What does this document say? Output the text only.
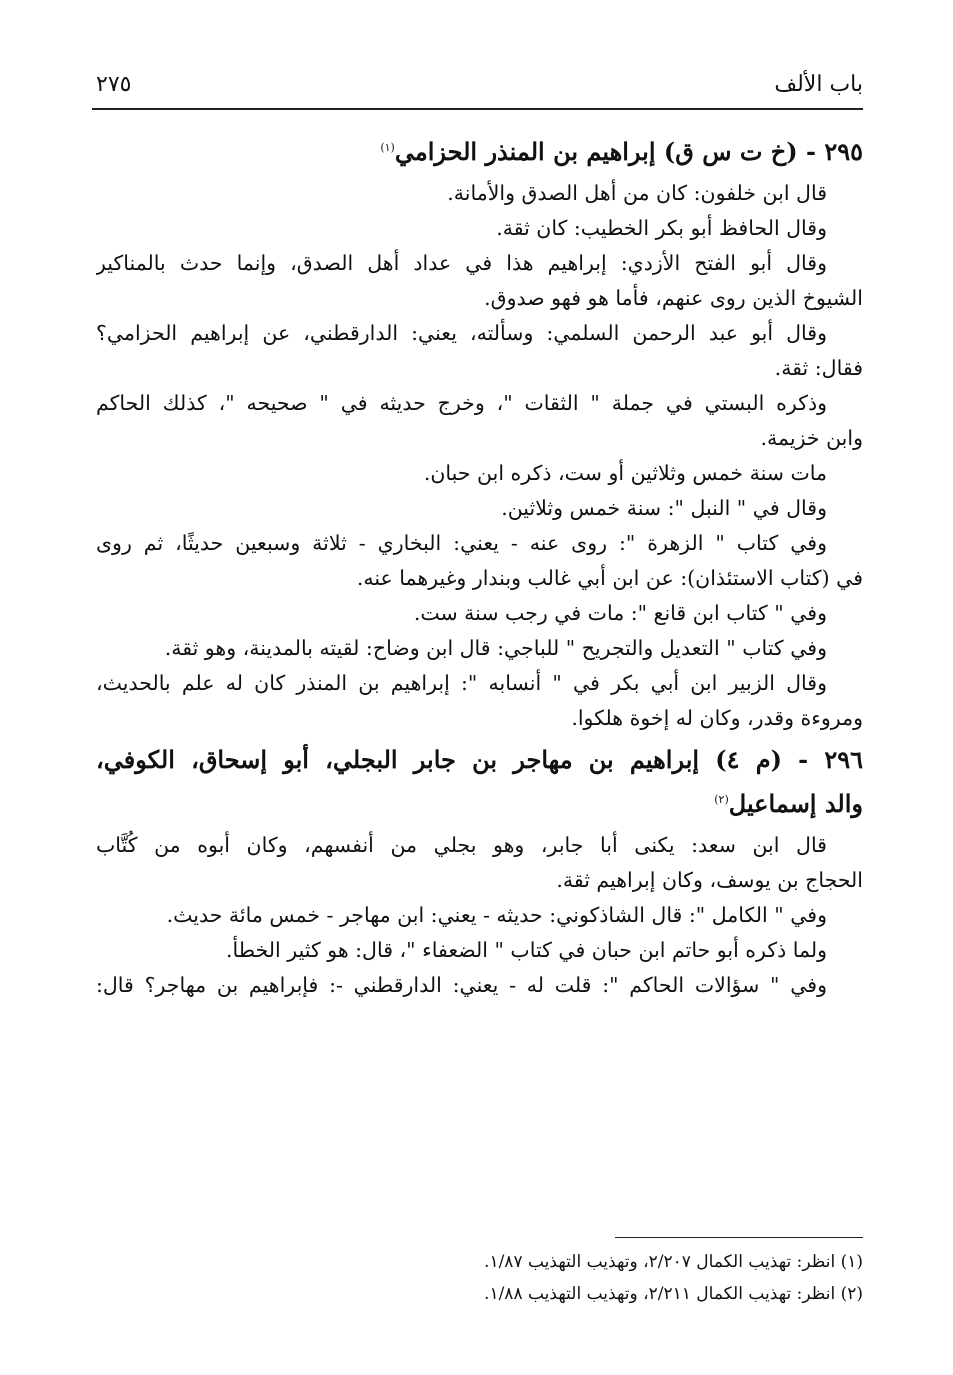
باب الألف
٢٧٥
٢٩٥ - (خ ت س ق) إبراهيم بن المنذر الحزامي$^{(١)}$
قال ابن خلفون: كان من أهل الصدق والأمانة.
وقال الحافظ أبو بكر الخطيب: كان ثقة.
وقال أبو الفتح الأزدي: إبراهيم هذا في عداد أهل الصدق، وإنما حدث بالمناكير
الشيوخ الذين روى عنهم، فأما هو فهو صدوق.
وقال أبو عبد الرحمن السلمي: وسألته، يعني: الدارقطني، عن إبراهيم الحزامي؟
فقال: ثقة.
وذكره البستي في جملة " الثقات "، وخرج حديثه في " صحيحه "، كذلك الحاكم
وابن خزيمة.
مات سنة خمس وثلاثين أو ست، ذكره ابن حبان.
وقال في " النبل ": سنة خمس وثلاثين.
وفي كتاب " الزهرة ": روى عنه - يعني: البخاري - ثلاثة وسبعين حديثًا، ثم روى
في (كتاب الاستئذان): عن ابن أبي غالب وبندار وغيرهما عنه.
وفي " كتاب ابن قانع ": مات في رجب سنة ست.
وفي كتاب " التعديل والتجريح " للباجي: قال ابن وضاح: لقيته بالمدينة، وهو ثقة.
وقال الزبير ابن أبي بكر في " أنسابه ": إبراهيم بن المنذر كان له علم بالحديث،
ومروءة وقدر، وكان له إخوة هلكوا.
٢٩٦ - (م ٤) إبراهيم بن مهاجر بن جابر البجلي، أبو إسحاق، الكوفي،
والد إسماعيل$^{(٢)}$
قال ابن سعد: يكنى أبا جابر، وهو بجلي من أنفسهم، وكان أبوه من كُتَّاب
الحجاج بن يوسف، وكان إبراهيم ثقة.
وفي " الكامل ": قال الشاذكوني: حديثه - يعني: ابن مهاجر - خمس مائة حديث.
ولما ذكره أبو حاتم ابن حبان في كتاب " الضعفاء "، قال: هو كثير الخطأ.
وفي " سؤالات الحاكم ": قلت له - يعني: الدارقطني -: فإبراهيم بن مهاجر؟ قال:
(١) انظر: تهذيب الكمال ٢/٢٠٧، وتهذيب التهذيب ١/٨٧.
(٢) انظر: تهذيب الكمال ٢/٢١١، وتهذيب التهذيب ١/٨٨.
